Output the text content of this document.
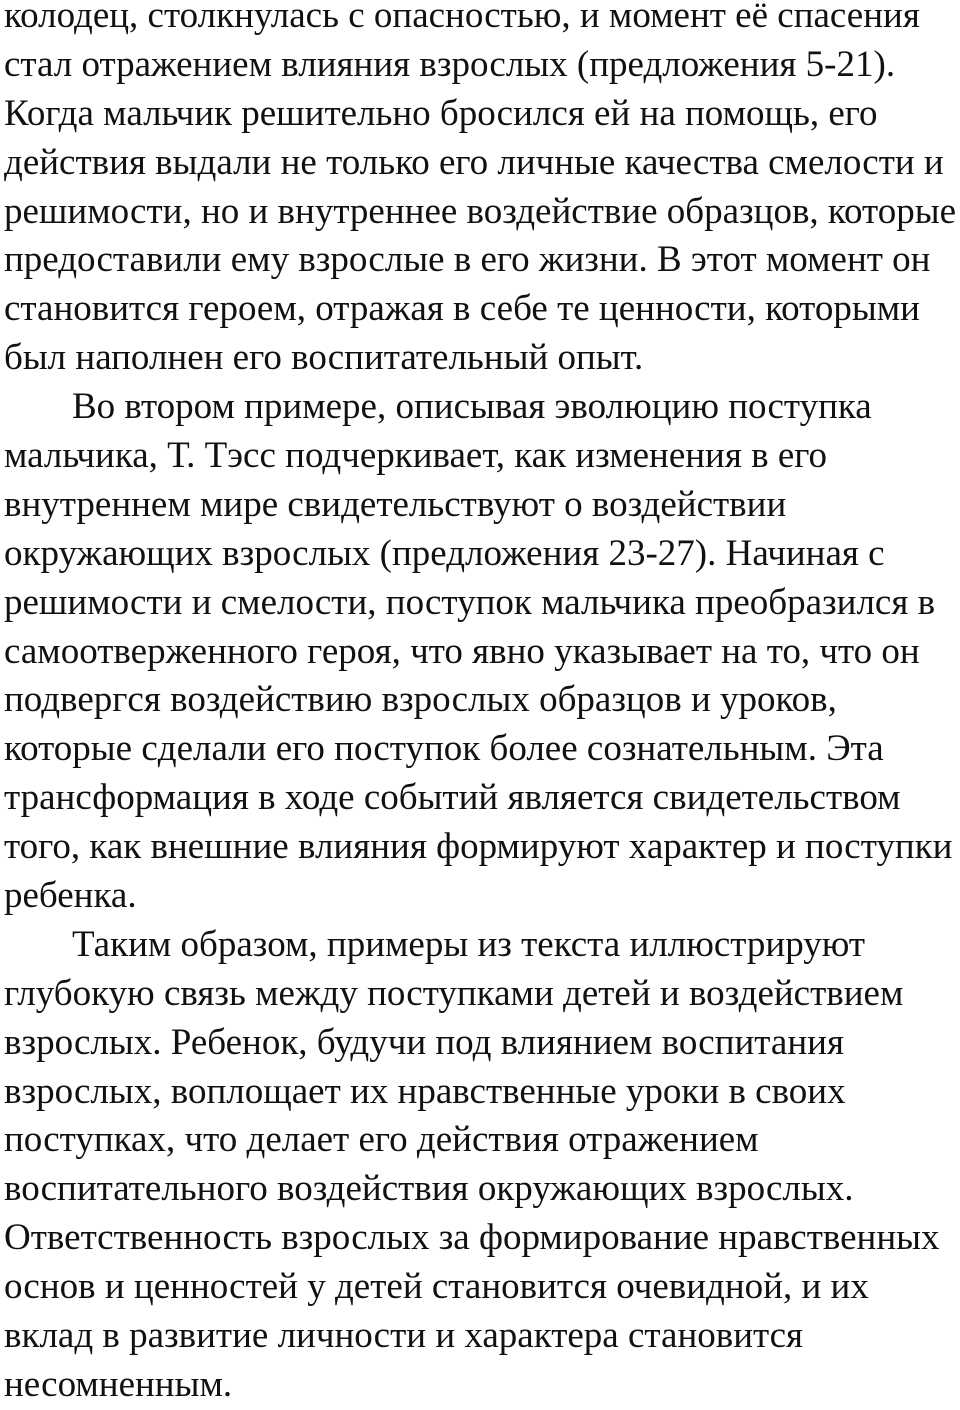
колодец, столкнулась с опасностью, и момент её спасения
стал отражением влияния взрослых (предложения 5-21).
Когда мальчик решительно бросился ей на помощь, его
действия выдали не только его личные качества смелости и
решимости, но и внутреннее воздействие образцов, которые
предоставили ему взрослые в его жизни. В этот момент он
становится героем, отражая в себе те ценности, которыми
был наполнен его воспитательный опыт.
Во втором примере, описывая эволюцию поступка
мальчика, Т. Тэсс подчеркивает, как изменения в его
внутреннем мире свидетельствуют о воздействии
окружающих взрослых (предложения 23-27). Начиная с
решимости и смелости, поступок мальчика преобразился в
самоотверженного героя, что явно указывает на то, что он
подвергся воздействию взрослых образцов и уроков,
которые сделали его поступок более сознательным. Эта
трансформация в ходе событий является свидетельством
того, как внешние влияния формируют характер и поступки
ребенка.
Таким образом, примеры из текста иллюстрируют
глубокую связь между поступками детей и воздействием
взрослых. Ребенок, будучи под влиянием воспитания
взрослых, воплощает их нравственные уроки в своих
поступках, что делает его действия отражением
воспитательного воздействия окружающих взрослых.
Ответственность взрослых за формирование нравственных
основ и ценностей у детей становится очевидной, и их
вклад в развитие личности и характера становится
несомненным.
